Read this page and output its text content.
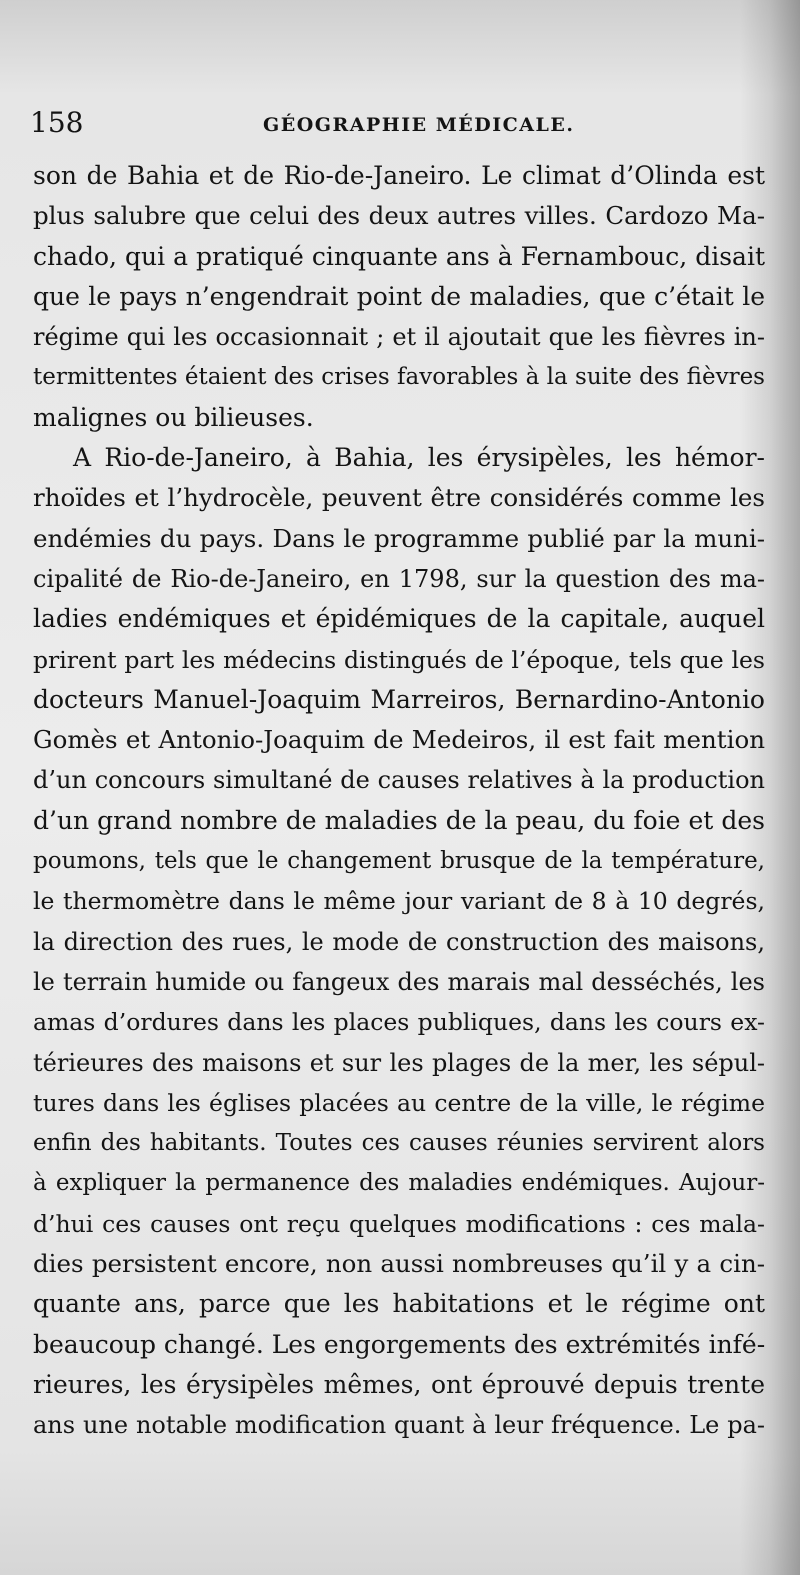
158	GÉOGRAPHIE MÉDICALE.
son de Bahia et de Rio-de-Janeiro. Le climat d’Olinda est
plus salubre que celui des deux autres villes. Cardozo Ma-
chado, qui a pratiqué cinquante ans à Fernambouc, disait
que le pays n’engendrait point de maladies, que c’était le
régime qui les occasionnait ; et il ajoutait que les fièvres in-
termittentes étaient des crises favorables à la suite des fièvres
malignes ou bilieuses.
A Rio-de-Janeiro, à Bahia, les érysipèles, les hémor-
rhoïdes et l’hydrocèle, peuvent être considérés comme les
endémies du pays. Dans le programme publié par la muni-
cipalité de Rio-de-Janeiro, en 1798, sur la question des ma-
ladies endémiques et épidémiques de la capitale, auquel
prirent part les médecins distingués de l’époque, tels que les
docteurs Manuel-Joaquim Marreiros, Bernardino-Antonio
Gomès et Antonio-Joaquim de Medeiros, il est fait mention
d’un concours simultané de causes relatives à la production
d’un grand nombre de maladies de la peau, du foie et des
poumons, tels que le changement brusque de la température,
le thermomètre dans le même jour variant de 8 à 10 degrés,
la direction des rues, le mode de construction des maisons,
le terrain humide ou fangeux des marais mal desséchés, les
amas d’ordures dans les places publiques, dans les cours ex-
térieures des maisons et sur les plages de la mer, les sépul-
tures dans les églises placées au centre de la ville, le régime
enfin des habitants. Toutes ces causes réunies servirent alors
à expliquer la permanence des maladies endémiques. Aujour-
d’hui ces causes ont reçu quelques modifications : ces mala-
dies persistent encore, non aussi nombreuses qu’il y a cin-
quante ans, parce que les habitations et le régime ont
beaucoup changé. Les engorgements des extrémités infé-
rieures, les érysipèles mêmes, ont éprouvé depuis trente
ans une notable modification quant à leur fréquence. Le pa-
